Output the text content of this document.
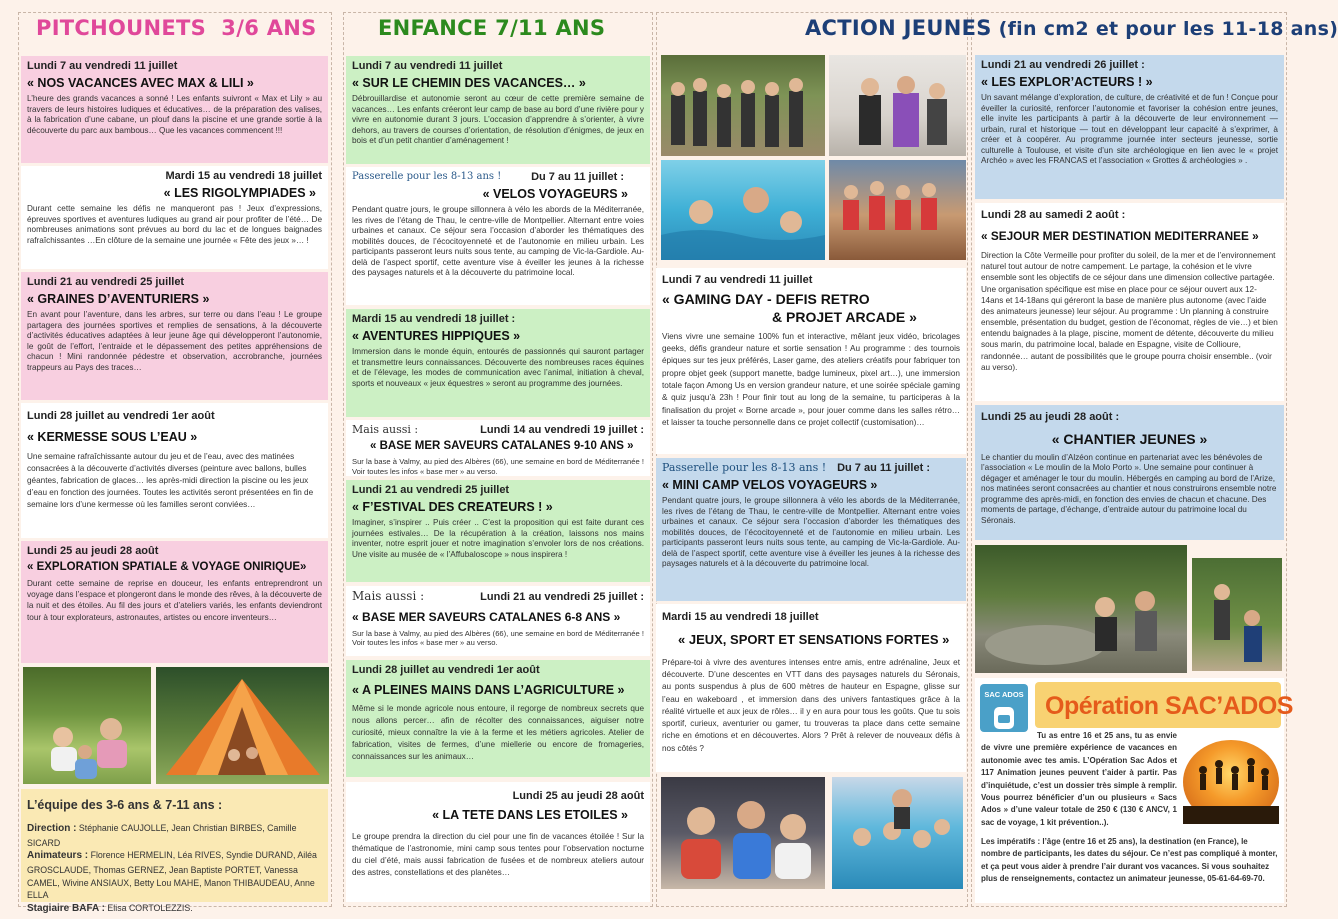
PITCHOUNETS  3/6 ANS	ENFANCE 7/11 ANS	ACTION JEUNES (fin cm2 et pour les 11-18 ans)
Lundi 7 au vendredi 11 juillet
« NOS VACANCES AVEC MAX & LILI »
L’heure des grands vacances a sonné ! Les enfants suivront « Max et Lily » au travers de leurs histoires ludiques et éducatives… de la préparation des valises, à la fabrication d’une cabane, un plouf dans la piscine et une grande sortie à la découverte du parc aux bambous… Que les vacances commencent !!!
Mardi 15 au vendredi 18 juillet
« LES RIGOLYMPIADES »
Durant cette semaine les défis ne manqueront pas ! Jeux d’expressions, épreuves sportives et aventures ludiques au grand air pour profiter de l’été… De nombreuses animations sont prévues au bord du lac et de longues baignades rafraîchissantes …En clôture de la semaine une journée « Fête des jeux »… !
Lundi 21 au vendredi 25 juillet
« GRAINES D’AVENTURIERS »
En avant pour l’aventure, dans les arbres, sur terre ou dans l’eau ! Le groupe partagera des journées sportives et remplies de sensations, à la découverte d’activités éducatives adaptées à leur jeune âge qui développeront l’autonomie, le goût de l’effort, l’entraide et le dépassement des petites appréhensions de chacun ! Mini randonnée pédestre et observation, accrobranche, journées trappeurs au Pays des traces…
Lundi 28 juillet au vendredi 1er août
« KERMESSE SOUS L’EAU »
Une semaine rafraîchissante autour du jeu et de l’eau, avec des matinées consacrées à la découverte d’activités diverses (peinture avec ballons, bulles géantes, fabrication de glaces… les après-midi direction la piscine ou les jeux d’eau en fonction des journées. Toutes les activités seront présentées en fin de semaine lors d’une kermesse où les familles seront conviées…
Lundi 25 au jeudi 28 août
« EXPLORATION SPATIALE & VOYAGE ONIRIQUE»
Durant cette semaine de reprise en douceur, les enfants entreprendront un voyage dans l’espace et plongeront dans le monde des rêves, à la découverte de la nuit et des étoiles. Au fil des jours et d’ateliers variés, les enfants deviendront tour à tour explorateurs, astronautes, artistes ou encore inventeurs…
L’équipe des 3-6 ans & 7-11 ans :
Direction : Stéphanie CAUJOLLE, Jean Christian BIRBES, Camille SICARD
Animateurs : Florence HERMELIN, Léa RIVES, Syndie DURAND, Ailéa GROSCLAUDE, Thomas GERNEZ, Jean Baptiste PORTET, Vanessa CAMEL, Wivine ANSIAUX, Betty Lou MAHE, Manon THIBAUDEAU, Anne ELLA
Stagiaire BAFA : Elisa CORTOLEZZIS.
Lundi 7 au vendredi 11 juillet
« SUR LE CHEMIN DES VACANCES… »
Débrouillardise et autonomie seront au cœur de cette première semaine de vacances… Les enfants créeront leur camp de base au bord d’une rivière pour y vivre en autonomie durant 3 jours. L’occasion d’apprendre à s’orienter, à vivre dehors, au travers de courses d’orientation, de résolution d’énigmes, de jeux en bois et d’un petit chantier d’aménagement !
Passerelle pour les 8-13 ans !	Du 7 au 11 juillet :
« VELOS VOYAGEURS »
Pendant quatre jours, le groupe sillonnera à vélo les abords de la Méditerranée, les rives de l’étang de Thau, le centre-ville de Montpellier. Alternant entre voies urbaines et canaux. Ce séjour sera l’occasion d’aborder les thématiques des mobilités douces, de l’écocitoyenneté et de l’autonomie en milieu urbain. Les participants passeront leurs nuits sous tente, au camping de Vic-la-Gardiole. Au-delà de l’aspect sportif, cette aventure vise à éveiller les jeunes à la richesse des paysages naturels et à la découverte du patrimoine local.
Mardi 15 au vendredi 18 juillet :
« AVENTURES HIPPIQUES »
Immersion dans le monde équin, entourés de passionnés qui sauront partager et transmettre leurs connaissances. Découverte des nombreuses races équines et de l’élevage, les modes de communication avec l’animal, initiation à cheval, sports et nouveaux « jeux équestres » seront au programme des journées.
Mais aussi :	Lundi 14 au vendredi 19 juillet :
« BASE MER SAVEURS CATALANES 9-10 ANS »
Sur la base à Valmy, au pied des Albères (66), une semaine en bord de Méditerranée ! Voir toutes les infos « base mer » au verso.
Lundi 21 au vendredi 25 juillet
« F’ESTIVAL DES CREATEURS ! »
Imaginer, s’inspirer .. Puis créer .. C’est la proposition qui est faite durant ces journées estivales… De la récupération à la création, laissons nos mains inventer, notre esprit jouer et notre imagination s’envoler lors de nos créations. Une visite au musée de « l’Affubaloscope » nous inspirera !
Mais aussi :	Lundi 21 au vendredi 25 juillet :
« BASE MER SAVEURS CATALANES 6-8 ANS »
Sur la base à Valmy, au pied des Albères (66), une semaine en bord de Méditerranée ! Voir toutes les infos « base mer » au verso.
Lundi 28 juillet au vendredi 1er août
« A PLEINES MAINS DANS L’AGRICULTURE »
Même si le monde agricole nous entoure, il regorge de nombreux secrets que nous allons percer… afin de récolter des connaissances, aiguiser notre curiosité, mieux connaître la vie à la ferme et les métiers agricoles. Atelier de fabrication, visites de fermes, d’une miellerie ou encore de fromageries, connaissances sur les animaux…
Lundi 25 au jeudi 28 août
« LA TETE DANS LES ETOILES »
Le groupe prendra la direction du ciel pour une fin de vacances étoilée ! Sur la thématique de l’astronomie, mini camp sous tentes pour l’observation nocturne du ciel d’été, mais aussi fabrication de fusées et de nombreux ateliers autour des astres, constellations et des planètes…
Lundi 7 au vendredi 11 juillet
« GAMING DAY - DEFIS RETRO
& PROJET ARCADE »
Viens vivre une semaine 100% fun et interactive, mêlant jeux vidéo, bricolages geeks, défis grandeur nature et sortie sensation ! Au programme : des tournois épiques sur tes jeux préférés, Laser game, des ateliers créatifs pour fabriquer ton propre objet geek (support manette, badge lumineux, pixel art…), une immersion totale façon Among Us en version grandeur nature, et une soirée spéciale gaming & quiz jusqu’à 23h ! Pour finir tout au long de la semaine, tu participeras à la finalisation du projet « Borne arcade », pour jouer comme dans les salles rétro… et laisser ta touche personnelle dans ce projet collectif (customisation)…
Passerelle pour les 8-13 ans ! Du 7 au 11 juillet :
« MINI CAMP VELOS VOYAGEURS »
Pendant quatre jours, le groupe sillonnera à vélo les abords de la Méditerranée, les rives de l’étang de Thau, le centre-ville de Montpellier. Alternant entre voies urbaines et canaux. Ce séjour sera l’occasion d’aborder les thématiques des mobilités douces, de l’écocitoyenneté et de l’autonomie en milieu urbain. Les participants passeront leurs nuits sous tente, au camping de Vic-la-Gardiole. Au-delà de l’aspect sportif, cette aventure vise à éveiller les jeunes à la richesse des paysages naturels et à la découverte du patrimoine local.
Mardi 15 au vendredi 18 juillet
« JEUX, SPORT ET SENSATIONS FORTES »
Prépare-toi à vivre des aventures intenses entre amis, entre adrénaline, Jeux et découverte. D’une descentes en VTT dans des paysages naturels du Séronais, au ponts suspendus à plus de 600 mètres de hauteur en Espagne, glisse sur l’eau en wakeboard , et immersion dans des univers fantastiques grâce à la réalité virtuelle et aux jeux de rôles… il y en aura pour tous les goûts. Que tu sois sportif, curieux, aventurier ou gamer, tu trouveras ta place dans cette semaine riche en émotions et en découvertes. Alors ? Prêt à relever de nouveaux défis à nos côtés ?
Lundi 21 au vendredi 26 juillet :
« LES EXPLOR’ACTEURS ! »
Un savant mélange d’exploration, de culture, de créativité et de fun ! Conçue pour éveiller la curiosité, renforcer l’autonomie et favoriser la cohésion entre jeunes, elle invite les participants à partir à la découverte de leur environnement — urbain, rural et historique — tout en développant leur capacité à s’exprimer, à créer et à coopérer. Au programme journée inter secteurs jeunesse, sortie culturelle à Toulouse, et visite d’un site archéologique en lien avec le « projet Archéo » avec les FRANCAS et l’association « Grottes & archéologies » .
Lundi 28 au samedi 2 août :
« SEJOUR MER DESTINATION MEDITERRANEE »
Direction la Côte Vermeille pour profiter du soleil, de la mer et de l’environnement naturel tout autour de notre campement. Le partage, la cohésion et le vivre ensemble sont les objectifs de ce séjour dans une dimension collective partagée. Une organisation spécifique est mise en place pour ce séjour ouvert aux 12-14ans et 14-18ans qui géreront la base de manière plus autonome (avec l’aide des animateurs jeunesse) leur séjour. Au programme : Un planning à construire ensemble, présentation du budget, gestion de l’économat, règles de vie…) et bien entendu baignades à la plage, piscine, moment de détente, découverte du milieu sous marin, du patrimoine local, balade en Espagne, visite de Collioure, randonnée… autant de possibilités que le groupe pourra choisir ensemble.. (voir au verso).
Lundi 25 au jeudi 28 août :
« CHANTIER JEUNES »
Le chantier du moulin d’Alzéon continue en partenariat avec les bénévoles de l’association « Le moulin de la Molo Porto ». Une semaine pour continuer à dégager et aménager le tour du moulin. Hébergés en camping au bord de l’Arize, nos matinées seront consacrées au chantier et nous construirons ensemble notre programme des après-midi, en fonction des envies de chacun et chacune. Des moments de partage, d’échange, d’entraide autour du patrimoine local du Séronais.
SAC ADOS Opération SAC’ADOS
Tu as entre 16 et 25 ans, tu as envie de vivre une première expérience de vacances en autonomie avec tes amis. L’Opération Sac Ados et 117 Animation jeunes peuvent t’aider à partir. Pas d’inquiétude, c’est un dossier très simple à remplir. Vous pourrez bénéficier d’un ou plusieurs « Sacs Ados » d’une valeur totale de 250 € (130 € ANCV, 1 sac de voyage, 1 kit prévention..).
Les impératifs : l’âge (entre 16 et 25 ans), la destination (en France), le nombre de participants, les dates du séjour. Ce n’est pas compliqué à monter, et ça peut vous aider à prendre l’air durant vos vacances. Si vous souhaitez plus de renseignements, contactez un animateur jeunesse, 05-61-64-69-70.
